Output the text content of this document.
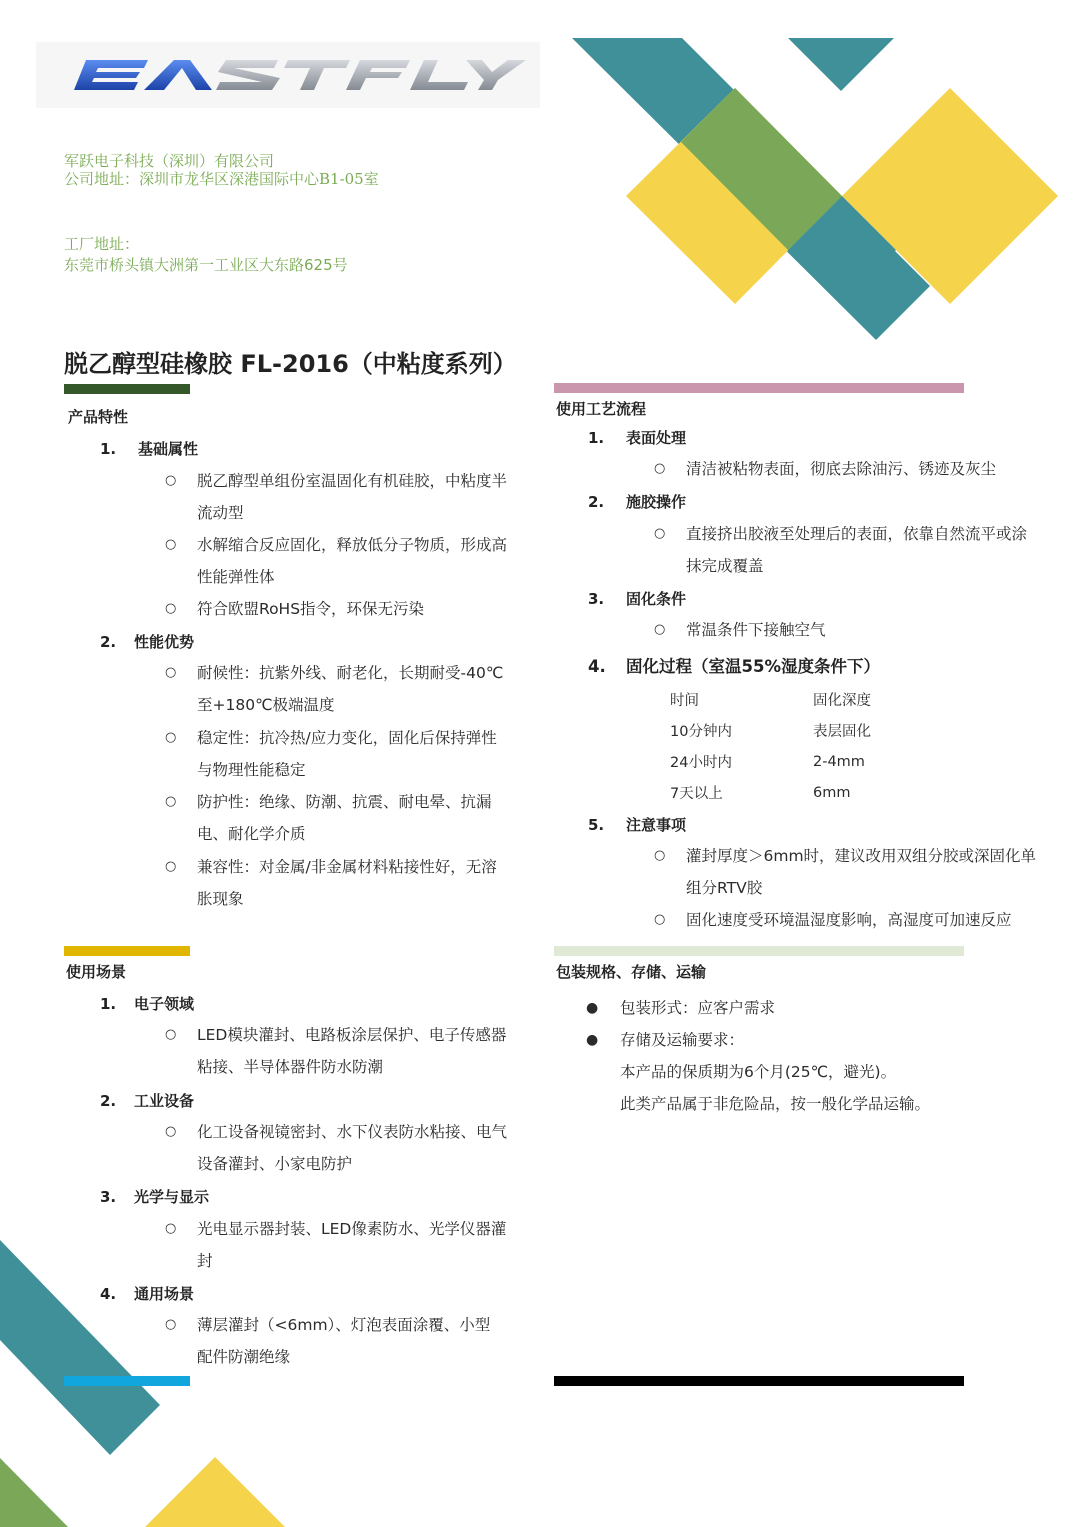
军跃电子科技（深圳）有限公司
公司地址：深圳市龙华区深港国际中心B1-05室
工厂地址：
东莞市桥头镇大洲第一工业区大东路625号
脱乙醇型硅橡胶 FL-2016（中粘度系列）
产品特性
1. 基础属性
○ 脱乙醇型单组份室温固化有机硅胶，中粘度半
流动型
○ 水解缩合反应固化，释放低分子物质，形成高
性能弹性体
○ 符合欧盟RoHS指令，环保无污染
2. 性能优势
○ 耐候性：抗紫外线、耐老化，长期耐受-40℃
至+180℃极端温度
○ 稳定性：抗冷热/应力变化，固化后保持弹性
与物理性能稳定
○ 防护性：绝缘、防潮、抗震、耐电晕、抗漏
电、耐化学介质
○ 兼容性：对金属/非金属材料粘接性好，无溶
胀现象
使用工艺流程
1. 表面处理
○ 清洁被粘物表面，彻底去除油污、锈迹及灰尘
2. 施胶操作
○ 直接挤出胶液至处理后的表面，依靠自然流平或涂
抹完成覆盖
3. 固化条件
○ 常温条件下接触空气
4. 固化过程（室温55%湿度条件下）
时间	固化深度
10分钟内	表层固化
24小时内	2-4mm
7天以上	6mm
5. 注意事项
○ 灌封厚度＞6mm时，建议改用双组分胶或深固化单
组分RTV胶
○ 固化速度受环境温湿度影响，高湿度可加速反应
使用场景
1. 电子领域
○ LED模块灌封、电路板涂层保护、电子传感器
粘接、半导体器件防水防潮
2. 工业设备
○ 化工设备视镜密封、水下仪表防水粘接、电气
设备灌封、小家电防护
3. 光学与显示
○ 光电显示器封装、LED像素防水、光学仪器灌
封
4. 通用场景
○ 薄层灌封（<6mm）、灯泡表面涂覆、小型
配件防潮绝缘
包装规格、存储、运输
● 包装形式：应客户需求
● 存储及运输要求：
本产品的保质期为6个月(25℃，避光)。
此类产品属于非危险品，按一般化学品运输。
